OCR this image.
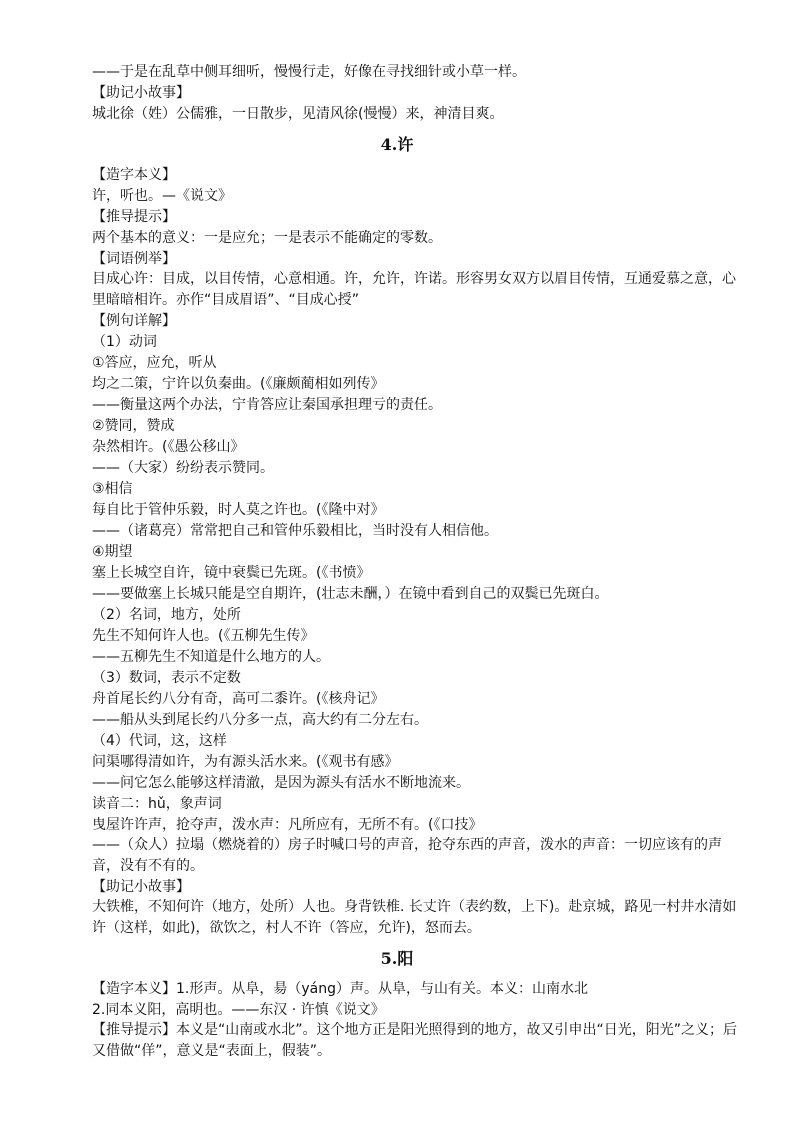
——于是在乱草中侧耳细听，慢慢行走，好像在寻找细针或小草一样。
【助记小故事】
城北徐（姓）公儒雅，一日散步，见清风徐(慢慢）来，神清目爽。
4.许
【造字本义】
许，听也。—《说文》
【推导提示】
两个基本的意义：一是应允；一是表示不能确定的零数。
【词语例举】
目成心许：目成，以目传情，心意相通。许，允许，许诺。形容男女双方以眉目传情，互通爱慕之意，心里暗暗相许。亦作“目成眉语”、“目成心授”
【例句详解】
（1）动词
①答应，应允，听从
均之二策，宁许以负秦曲。(《廉颇蔺相如列传》
——衡量这两个办法，宁肯答应让秦国承担理亏的责任。
②赞同，赞成
杂然相许。(《愚公移山》
——（大家）纷纷表示赞同。
③相信
每自比于管仲乐毅，时人莫之许也。(《隆中对》
——（诸葛亮）常常把自己和管仲乐毅相比，当时没有人相信他。
④期望
塞上长城空自许，镜中衰鬓已先斑。(《书愤》
——要做塞上长城只能是空自期许，(壮志未酬，）在镜中看到自己的双鬓已先斑白。
（2）名词，地方，处所
先生不知何许人也。(《五柳先生传》
——五柳先生不知道是什么地方的人。
（3）数词，表示不定数
舟首尾长约八分有奇，高可二黍许。(《核舟记》
——船从头到尾长约八分多一点，高大约有二分左右。
（4）代词，这，这样
问渠哪得清如许，为有源头活水来。(《观书有感》
——问它怎么能够这样清澈，是因为源头有活水不断地流来。
读音二：hǔ，象声词
曳屋许许声，抢夺声，泼水声：凡所应有，无所不有。(《口技》
——（众人）拉塌（燃烧着的）房子时喊口号的声音，抢夺东西的声音，泼水的声音：一切应该有的声音，没有不有的。
【助记小故事】
大铁椎，不知何许（地方，处所）人也。身背铁椎. 长丈许（表约数，上下)。赴京城，路见一村井水清如许（这样，如此)，欲饮之，村人不许（答应，允许)，怒而去。
5.阳
【造字本义】1.形声。从阜，昜（yáng）声。从阜，与山有关。本义：山南水北
2.同本义阳，高明也。——东汉 · 许慎《说文》
【推导提示】本义是“山南或水北”。这个地方正是阳光照得到的地方，故又引申出“日光，阳光”之义；后又借做“佯”，意义是“表面上，假装”。
